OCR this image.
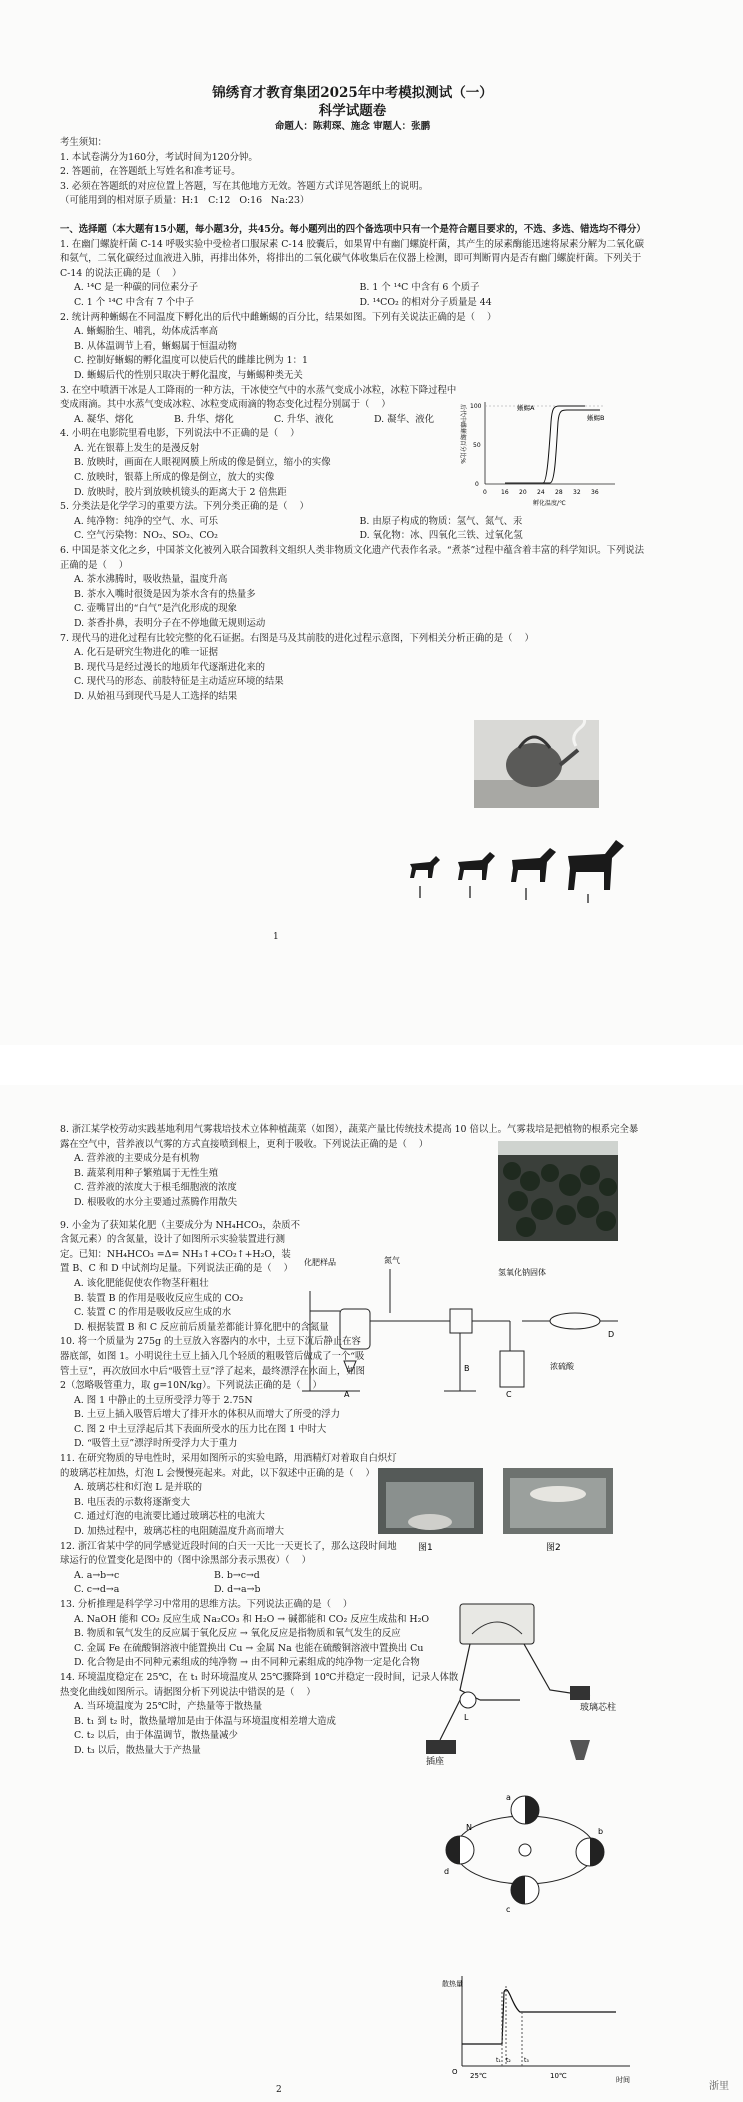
锦绣育才教育集团2025年中考模拟测试（一）
科学试题卷
命题人：陈莉琛、施念 审题人：张鹏
考生须知：
1. 本试卷满分为160分，考试时间为120分钟。
2. 答题前，在答题纸上写姓名和准考证号。
3. 必须在答题纸的对应位置上答题，写在其他地方无效。答题方式详见答题纸上的说明。
（可能用到的相对原子质量：H:1   C:12   O:16   Na:23）
一、选择题（本大题有15小题，每小题3分，共45分。每小题列出的四个备选项中只有一个是符合题目要求的，不选、多选、错选均不得分）
1. 在幽门螺旋杆菌 C-14 呼吸实验中受检者口服尿素 C-14 胶囊后，如果胃中有幽门螺旋杆菌，其产生的尿素酶能迅速将尿素分解为二氧化碳和氨气，二氧化碳经过血液进入肺，再排出体外，将排出的二氧化碳气体收集后在仪器上检测，即可判断胃内是否有幽门螺旋杆菌。下列关于 C-14 的说法正确的是（    ）
A. ¹⁴C 是一种碳的同位素分子	B. 1 个 ¹⁴C 中含有 6 个质子
C. 1 个 ¹⁴C 中含有 7 个中子	D. ¹⁴CO₂ 的相对分子质量是 44
2. 统计两种蜥蜴在不同温度下孵化出的后代中雌蜥蜴的百分比，结果如图。下列有关说法正确的是（    ）
A. 蜥蜴胎生、哺乳，幼体成活率高
B. 从体温调节上看，蜥蜴属于恒温动物
C. 控制好蜥蜴的孵化温度可以使后代的雌雄比例为 1：1
D. 蜥蜴后代的性别只取决于孵化温度，与蜥蜴种类无关
3. 在空中喷洒干冰是人工降雨的一种方法，干冰使空气中的水蒸气变成小冰粒，冰粒下降过程中变成雨滴。其中水蒸气变成冰粒、冰粒变成雨滴的物态变化过程分别属于（    ）
A. 凝华、熔化	B. 升华、熔化	C. 升华、液化	D. 凝华、液化
4. 小明在电影院里看电影，下列说法中不正确的是（    ）
A. 光在银幕上发生的是漫反射
B. 放映时，画面在人眼视网膜上所成的像是倒立，缩小的实像
C. 放映时，银幕上所成的像是倒立，放大的实像
D. 放映时，胶片到放映机镜头的距离大于 2 倍焦距
5. 分类法是化学学习的重要方法。下列分类正确的是（    ）
A. 纯净物：纯净的空气、水、可乐	B. 由原子构成的物质：氢气、氮气、汞
C. 空气污染物：NO₂、SO₂、CO₂	D. 氧化物：冰、四氧化三铁、过氧化氢
6. 中国是茶文化之乡，中国茶文化被列入联合国教科文组织人类非物质文化遗产代表作名录。“煮茶”过程中蕴含着丰富的科学知识。下列说法正确的是（    ）
A. 茶水沸腾时，吸收热量，温度升高
B. 茶水入嘴时很烫是因为茶水含有的热量多
C. 壶嘴冒出的“白气”是汽化形成的现象
D. 茶香扑鼻，表明分子在不停地做无规则运动
7. 现代马的进化过程有比较完整的化石证据。右图是马及其前肢的进化过程示意图，下列相关分析正确的是（    ）
A. 化石是研究生物进化的唯一证据
B. 现代马是经过漫长的地质年代逐渐进化来的
C. 现代马的形态、前肢特征是主动适应环境的结果
D. 从始祖马到现代马是人工选择的结果
后代中雌蜥蜴百分比%
0
50
100
0 16 20 24 28 32 36
孵化温度/℃
蜥蜴A
蜥蜴B
1
8. 浙江某学校劳动实践基地利用气雾栽培技术立体种植蔬菜（如图），蔬菜产量比传统技术提高 10 倍以上。气雾栽培是把植物的根系完全暴露在空气中，营养液以气雾的方式直接喷到根上，更利于吸收。下列说法正确的是（    ）
A. 营养液的主要成分是有机物
B. 蔬菜利用种子繁殖属于无性生殖
C. 营养液的浓度大于根毛细胞液的浓度
D. 根吸收的水分主要通过蒸腾作用散失
9. 小金为了获知某化肥（主要成分为 NH₄HCO₃，杂质不含氮元素）的含氮量，设计了如图所示实验装置进行测定。已知：NH₄HCO₃ =Δ= NH₃↑+CO₂↑+H₂O，装置 B、C 和 D 中试剂均足量。下列说法正确的是（    ）
A. 该化肥能促使农作物茎秆粗壮
B. 装置 B 的作用是吸收反应生成的 CO₂
C. 装置 C 的作用是吸收反应生成的水
D. 根据装置 B 和 C 反应前后质量差都能计算化肥中的含氮量
10. 将一个质量为 275g 的土豆放入容器内的水中，土豆下沉后静止在容器底部，如图 1。小明说往土豆上插入几个轻质的粗吸管后做成了一个“吸管土豆”，再次放回水中后“吸管土豆”浮了起来，最终漂浮在水面上，如图 2（忽略吸管重力，取 g=10N/kg）。下列说法正确的是（    ）
A. 图 1 中静止的土豆所受浮力等于 2.75N
B. 土豆上插入吸管后增大了排开水的体积从而增大了所受的浮力
C. 图 2 中土豆浮起后其下表面所受水的压力比在图 1 中时大
D. “吸管土豆”漂浮时所受浮力大于重力
11. 在研究物质的导电性时，采用如图所示的实验电路，用酒精灯对着取自白炽灯的玻璃芯柱加热，灯泡 L 会慢慢亮起来。对此，以下叙述中正确的是（    ）
A. 玻璃芯柱和灯泡 L 是并联的
B. 电压表的示数将逐渐变大
C. 通过灯泡的电流要比通过玻璃芯柱的电流大
D. 加热过程中，玻璃芯柱的电阻随温度升高而增大
12. 浙江省某中学的同学感觉近段时间的白天一天比一天更长了，那么这段时间地球运行的位置变化是图中的（图中涂黑部分表示黑夜）（    ）
A. a→b→c	B. b→c→d
C. c→d→a	D. d→a→b
13. 分析推理是科学学习中常用的思维方法。下列说法正确的是（    ）
A. NaOH 能和 CO₂ 反应生成 Na₂CO₃ 和 H₂O → 碱都能和 CO₂ 反应生成盐和 H₂O
B. 物质和氧气发生的反应属于氧化反应 → 氧化反应是指物质和氧气发生的反应
C. 金属 Fe 在硫酸铜溶液中能置换出 Cu → 金属 Na 也能在硫酸铜溶液中置换出 Cu
D. 化合物是由不同种元素组成的纯净物 → 由不同种元素组成的纯净物一定是化合物
14. 环境温度稳定在 25℃，在 t₁ 时环境温度从 25℃骤降到 10℃并稳定一段时间，记录人体散热变化曲线如图所示。请据图分析下列说法中错误的是（    ）
A. 当环境温度为 25℃时，产热量等于散热量
B. t₁ 到 t₂ 时，散热量增加是由于体温与环境温度相差增大造成
C. t₂ 以后，由于体温调节，散热量减少
D. t₃ 以后，散热量大于产热量
化肥样品	氮气
氢氧化钠固体
浓硫酸
A
B
C
D
图1	图2
L
玻璃芯柱
插座
N
a
b
c
d
散热量
时间
O
t₁ t₂ t₃
25℃	10℃
2	浙里
